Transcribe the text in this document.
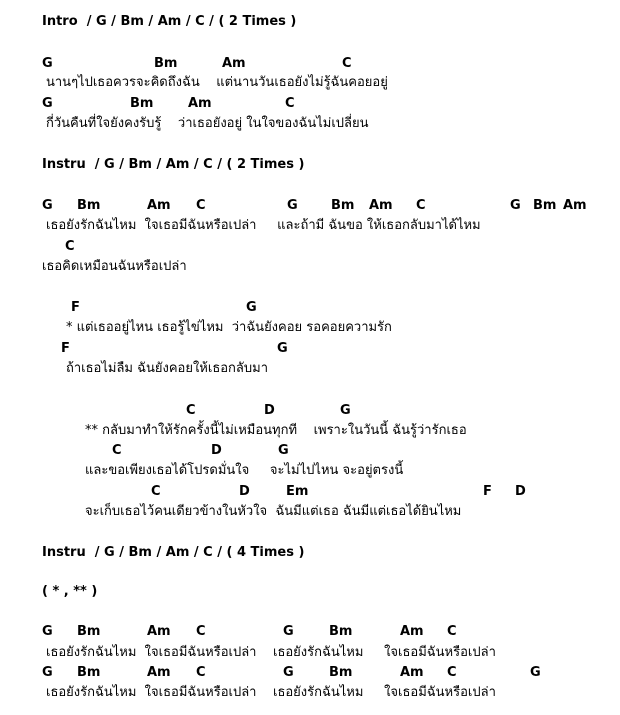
Intro  / G / Bm / Am / C / ( 2 Times )
G	Bm	Am	C
นานๆไปเธอควรจะคิดถึงฉัน    แต่นานวันเธอยังไม่รู้ฉันคอยอยู่
G	Bm	Am	C
กี่วันคืนที่ใจยังคงรับรู้    ว่าเธอยังอยู่ ในใจของฉันไม่เปลี่ยน
Instru  / G / Bm / Am / C / ( 2 Times )
G Bm	Am C	G	Bm Am C	G Bm Am
เธอยังรักฉันไหม  ใจเธอมีฉันหรือเปล่า     และถ้ามี ฉันขอ ให้เธอกลับมาได้ไหม
C
เธอคิดเหมือนฉันหรือเปล่า
F	G
* แต่เธออยู่ไหน เธอรู้ไข่ไหม  ว่าฉันยังคอย รอคอยความรัก
F	G
ถ้าเธอไม่ลืม ฉันยังคอยให้เธอกลับมา
C	D	G
** กลับมาทำให้รักครั้งนี้ไม่เหมือนทุกที    เพราะในวันนี้ ฉันรู้ว่ารักเธอ
C	D	G
และขอเพียงเธอได้โปรดมั่นใจ     จะไม่ไปไหน จะอยู่ตรงนี้
C	D	Em	F D
จะเก็บเธอไว้คนเดียวข้างในหัวใจ  ฉันมีแต่เธอ ฉันมีแต่เธอได้ยินไหม
Instru  / G / Bm / Am / C / ( 4 Times )
( * , ** )
G Bm	Am C	G	Bm	Am C
เธอยังรักฉันไหม  ใจเธอมีฉันหรือเปล่า    เธอยังรักฉันไหม     ใจเธอมีฉันหรือเปล่า
G Bm	Am C	G	Bm	Am C	G
เธอยังรักฉันไหม  ใจเธอมีฉันหรือเปล่า    เธอยังรักฉันไหม     ใจเธอมีฉันหรือเปล่า
